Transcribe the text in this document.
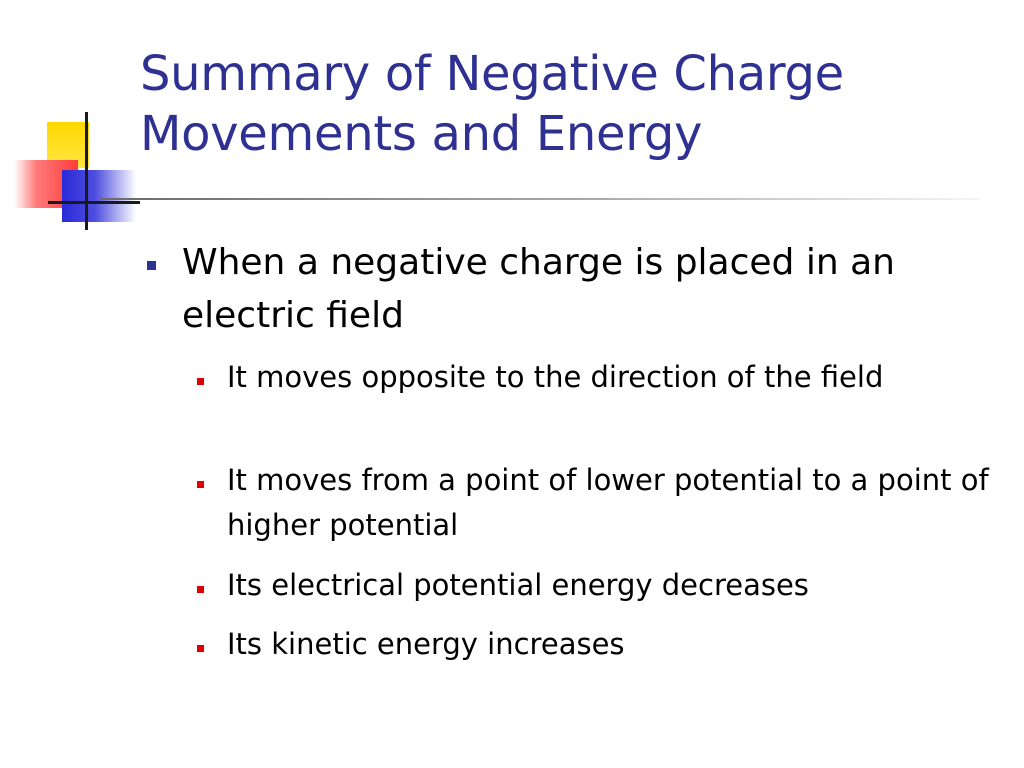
Summary of Negative Charge
Movements and Energy

When a negative charge is placed in an electric field

It moves opposite to the direction of the field

It moves from a point of lower potential to a point of higher potential

Its electrical potential energy decreases

Its kinetic energy increases
